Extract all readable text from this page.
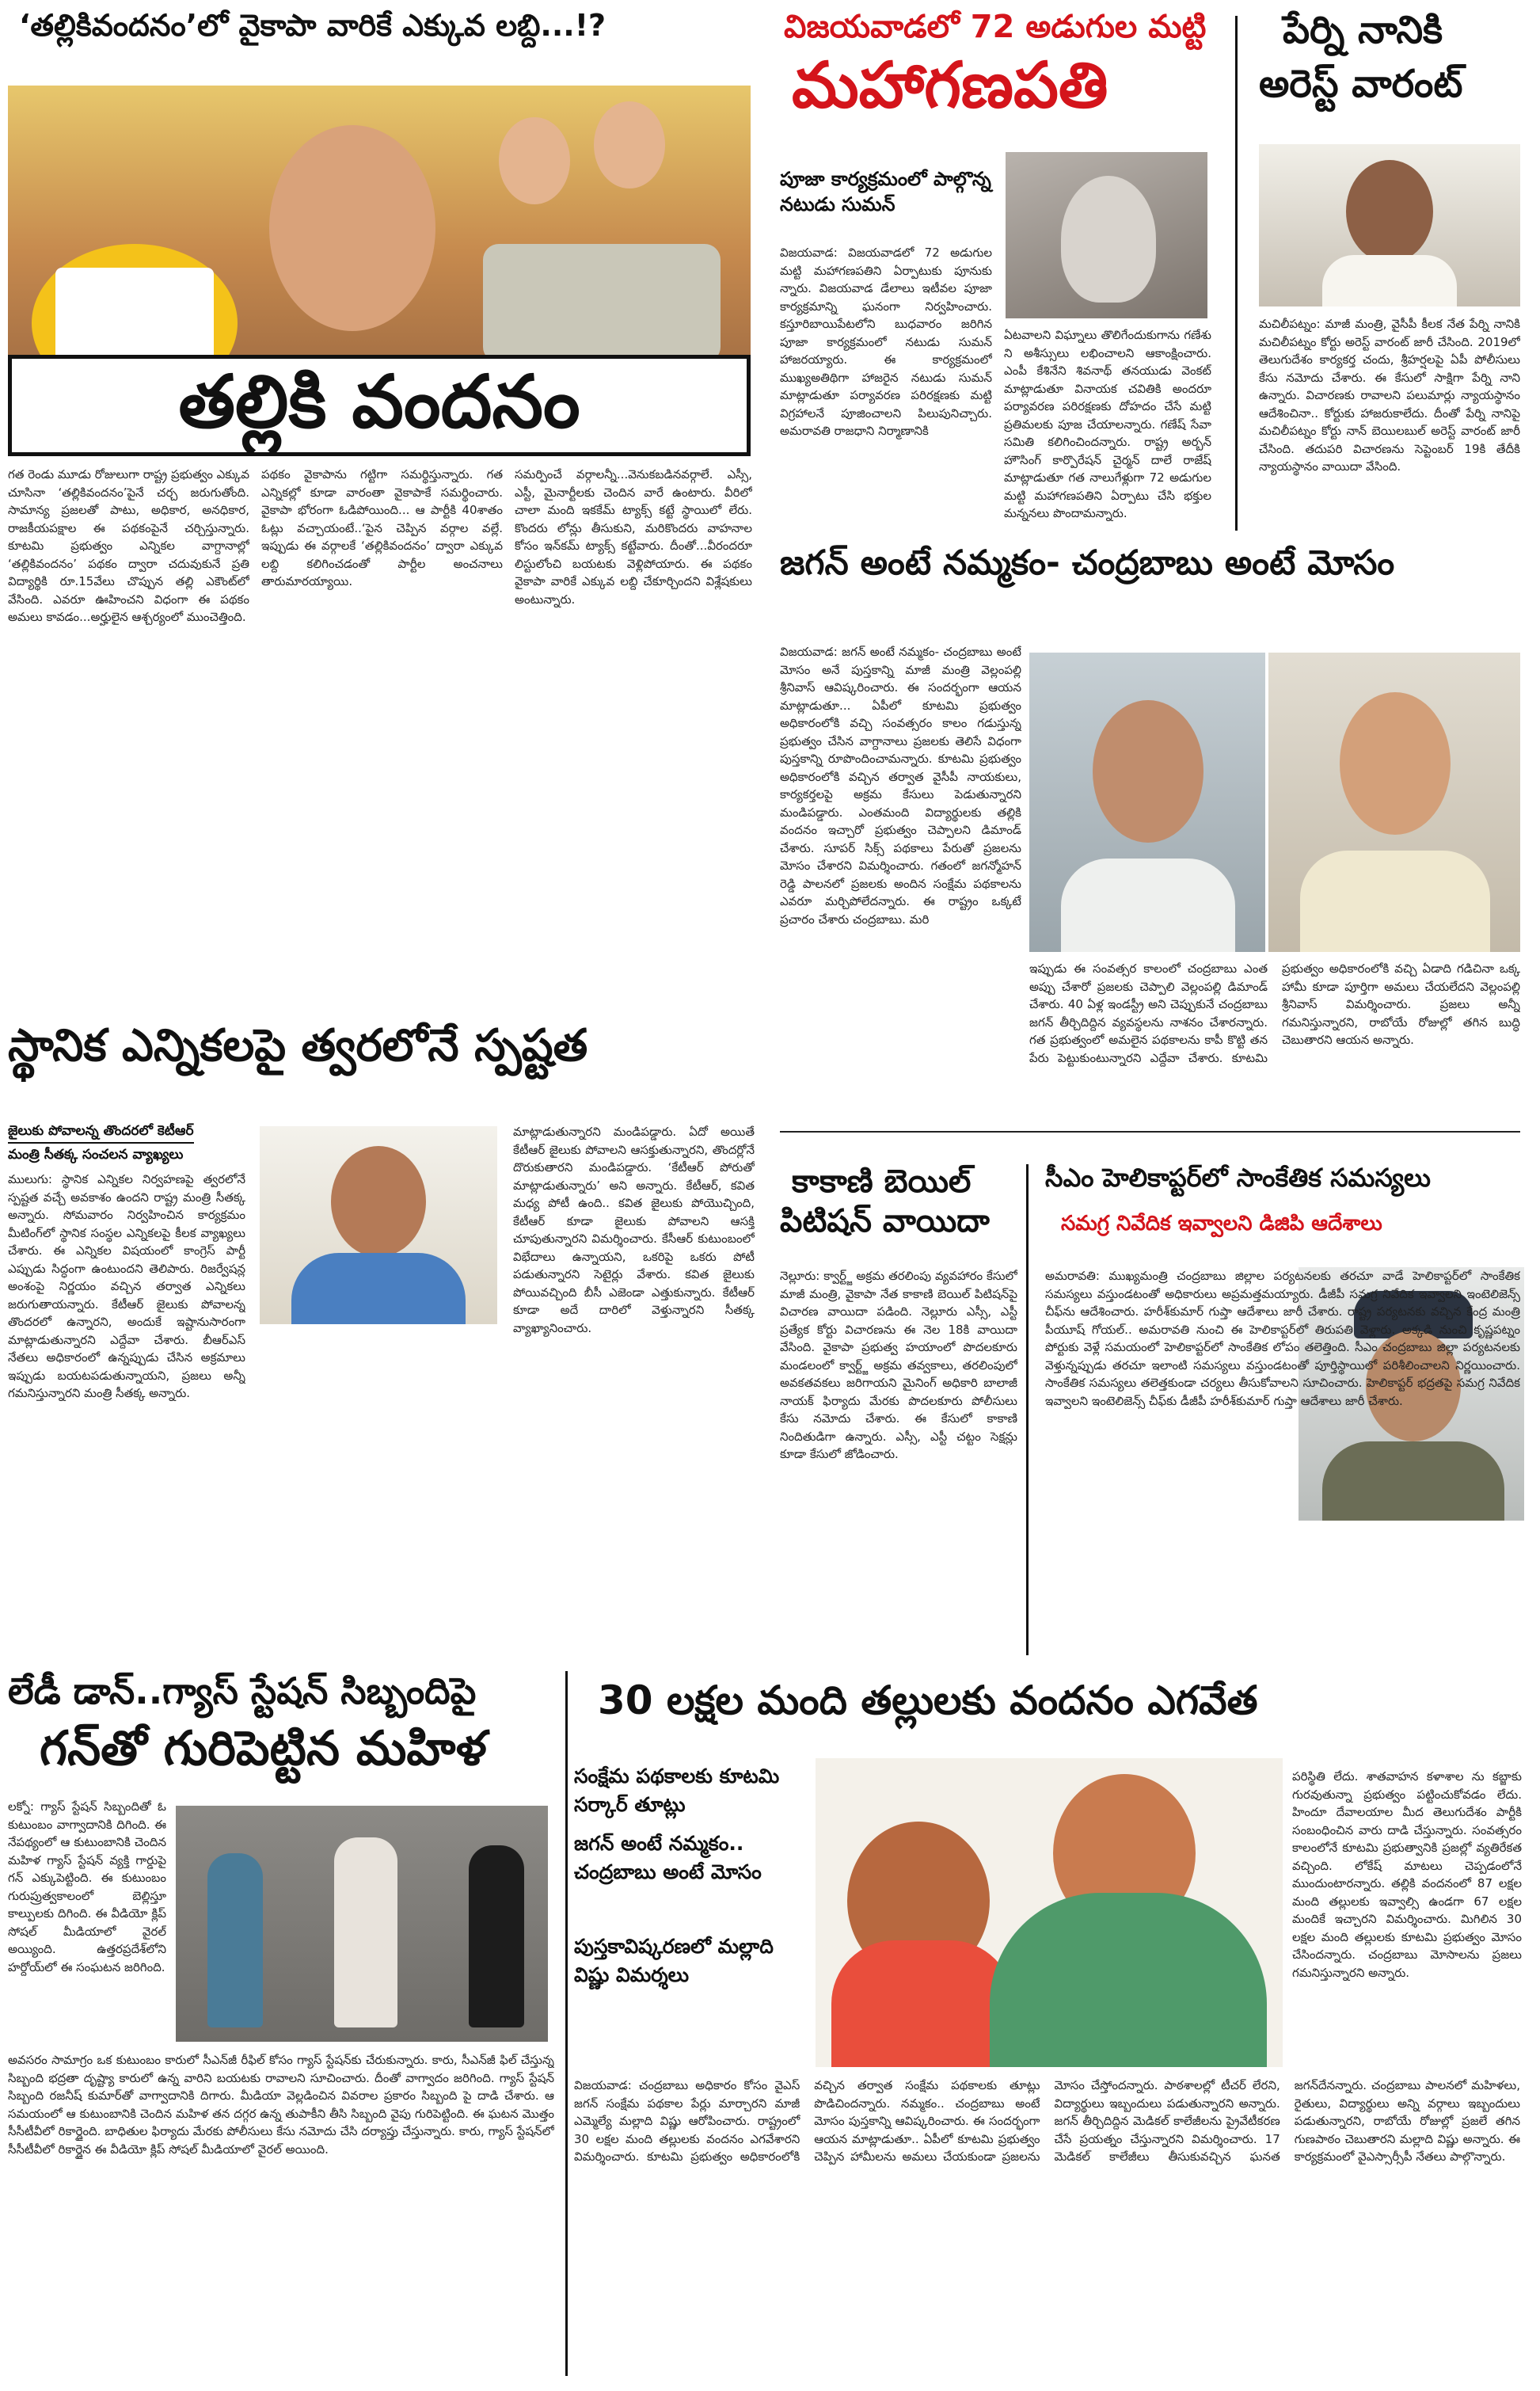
‘తల్లికివందనం’లో వైకాపా వారికే ఎక్కువ లబ్ది...!?
తల్లికి వందనం
గత రెండు మూడు రోజులుగా రాష్ట్ర ప్రభుత్వం ఎక్కువ చూసినా ‘తల్లికివందనం’పైనే చర్చ జరుగుతోంది. సామాన్య ప్రజలతో పాటు, అధికార, అనధికార, రాజకీయపక్షాల ఈ పథకంపైనే చర్చిస్తున్నారు. కూటమి ప్రభుత్వం ఎన్నికల వాగ్దానాల్లో ‘తల్లికివందనం’ పథకం ద్వారా చదువుకునే ప్రతి విద్యార్థికి రూ.15వేలు చొప్పున తల్లి ఎకౌంట్‌లో వేసింది. ఎవరూ ఊహించని విధంగా ఈ పథకం అమలు కావడం...అర్హులైన ఆశ్చర్యంలో ముంచెత్తింది.
పథకం వైకాపాను గట్టిగా సమర్థిస్తున్నారు. గత ఎన్నికల్లో కూడా వారంతా వైకాపాకే సమర్థించారు. వైకాపా భోరంగా ఓడిపోయింది... ఆ పార్టీకి 40శాతం ఓట్లు వచ్చాయంటే..‘పైన చెప్పిన వర్గాల వల్లే. ఇప్పుడు ఈ వర్గాలకే ‘తల్లికివందనం’ ద్వారా ఎక్కువ లబ్ది కలిగించడంతో పార్టీల అంచనాలు తారుమారయ్యాయి.
సమర్పించే వర్గాలన్నీ...వెనుకబడినవర్గాలే. ఎస్సీ, ఎస్టీ, మైనార్టీలకు చెందిన వారే ఉంటారు. వీరిలో చాలా మంది ఇకకేమ్ ట్యాక్స్ కట్టే స్థాయిలో లేరు. కొందరు లోన్లు తీసుకుని, మరికొందరు వాహనాల కోసం ఇన్‌కమ్‌ ట్యాక్స్ కట్టేవారు. దీంతో...వీరందరూ లిస్టులోంచి బయటకు వెళ్లిపోయారు. ఈ పథకం వైకాపా వారికే ఎక్కువ లబ్ది చేకూర్చిందని విశ్లేషకులు అంటున్నారు.
విజయవాడలో 72 అడుగుల మట్టి
మహాగణపతి
పూజా కార్యక్రమంలో పాల్గొన్న నటుడు సుమన్
విజయవాడ: విజయవాడలో 72 అడుగుల మట్టి మహాగణపతిని ఏర్పాటుకు పూనుకు న్నారు. విజయవాడ డేలాలు ఇటీవల పూజా కార్యక్రమాన్ని ఘనంగా నిర్వహించారు. కస్తూరిబాయిపేటలోని బుధవారం జరిగిన పూజా కార్యక్రమంలో నటుడు సుమన్ హాజరయ్యారు. ఈ కార్యక్రమంలో ముఖ్యఅతిథిగా హాజరైన నటుడు సుమన్ మాట్లాడుతూ పర్యావరణ పరిరక్షణకు మట్టి విగ్రహాలనే పూజించాలని పిలుపునిచ్చారు. అమరావతి రాజధాని నిర్మాణానికి
ఏటవాలని విఘ్నాలు తొలిగేందుకుగాను గణేశు ని అశీస్సులు లభించాలని ఆకాంక్షించారు. ఎంపీ కేశినేని శివనాథ్ తనయుడు వెంకట్ మాట్లాడుతూ వినాయక చవితికి అందరూ పర్యావరణ పరిరక్షణకు దోహదం చేసే మట్టి ప్రతిమలకు పూజ చేయాలన్నారు. గణేష్ సేవా సమితి కలిగించిందన్నారు. రాష్ట్ర అర్బన్ హౌసింగ్ కార్పొరేషన్ చైర్మన్ దాలే రాజేష్ మాట్లాడుతూ గత నాలుగేళ్లుగా 72 అడుగుల మట్టి మహాగణపతిని ఏర్పాటు చేసి భక్తుల మన్ననలు పొందామన్నారు.
పేర్ని నానికి
అరెస్ట్ వారంట్
మచిలీపట్నం: మాజీ మంత్రి, వైసీపీ కీలక నేత పేర్ని నానికి మచిలీపట్నం కోర్టు అరెస్ట్ వారంట్ జారీ చేసింది. 2019లో తెలుగుదేశం కార్యకర్త చందు, శ్రీహర్షలపై ఏపీ పోలీసులు కేసు నమోదు చేశారు. ఈ కేసులో సాక్షిగా పేర్ని నాని ఉన్నారు. విచారణకు రావాలని పలుమార్లు న్యాయస్థానం ఆదేశించినా.. కోర్టుకు హాజరుకాలేదు. దీంతో పేర్ని నానిపై మచిలీపట్నం కోర్టు నాన్ బెయిలబుల్ అరెస్ట్ వారంట్ జారీ చేసింది. తదుపరి విచారణను సెప్టెంబర్ 19కి తేదీకి న్యాయస్థానం వాయిదా వేసింది.
జగన్ అంటే నమ్మకం- చంద్రబాబు అంటే మోసం
విజయవాడ: జగన్ అంటే నమ్మకం- చంద్రబాబు అంటే మోసం అనే పుస్తకాన్ని మాజీ మంత్రి వెల్లంపల్లి శ్రీనివాస్ ఆవిష్కరించారు. ఈ సందర్భంగా ఆయన మాట్లాడుతూ... ఏపీలో కూటమి ప్రభుత్వం అధికారంలోకి వచ్చి సంవత్సరం కాలం గడుస్తున్న ప్రభుత్వం చేసిన వాగ్దానాలు ప్రజలకు తెలిసే విధంగా పుస్తకాన్ని రూపొందించామన్నారు. కూటమి ప్రభుత్వం అధికారంలోకి వచ్చిన తర్వాత వైసీపీ నాయకులు, కార్యకర్తలపై అక్రమ కేసులు పెడుతున్నారని మండిపడ్డారు. ఎంతమంది విద్యార్థులకు తల్లికి వందనం ఇచ్చారో ప్రభుత్వం చెప్పాలని డిమాండ్ చేశారు. సూపర్ సిక్స్ పథకాలు పేరుతో ప్రజలను మోసం చేశారని విమర్శించారు. గతంలో జగన్మోహన్ రెడ్డి పాలనలో ప్రజలకు అందిన సంక్షేమ పథకాలను ఎవరూ మర్చిపోలేదన్నారు. ఈ రాష్ట్రం ఒక్కటే ప్రచారం చేశారు చంద్రబాబు. మరి
ఇప్పుడు ఈ సంవత్సర కాలంలో చంద్రబాబు ఎంత అప్పు చేశారో ప్రజలకు చెప్పాలి వెల్లంపల్లి డిమాండ్ చేశారు. 40 ఏళ్ల ఇండస్ట్రీ అని చెప్పుకునే చంద్రబాబు జగన్ తీర్చిదిద్దిన వ్యవస్థలను నాశనం చేశారన్నారు. గత ప్రభుత్వంలో అమలైన పథకాలను కాపీ కొట్టి తన పేరు పెట్టుకుంటున్నారని ఎద్దేవా చేశారు. కూటమి ప్రభుత్వం అధికారంలోకి వచ్చి ఏడాది గడిచినా ఒక్క హామీ కూడా పూర్తిగా అమలు చేయలేదని వెల్లంపల్లి శ్రీనివాస్ విమర్శించారు. ప్రజలు అన్నీ గమనిస్తున్నారని, రాబోయే రోజుల్లో తగిన బుద్ధి చెబుతారని ఆయన అన్నారు.
స్థానిక ఎన్నికలపై త్వరలోనే స్పష్టత
జైలుకు పోవాలన్న తొందరలో కెటీఆర్
మంత్రి సీతక్క సంచలన వ్యాఖ్యలు
ములుగు: స్థానిక ఎన్నికల నిర్వహణపై త్వరలోనే స్పష్టత వచ్చే అవకాశం ఉందని రాష్ట్ర మంత్రి సీతక్క అన్నారు. సోమవారం నిర్వహించిన కార్యక్రమం మీటింగ్‌లో స్థానిక సంస్థల ఎన్నికలపై కీలక వ్యాఖ్యలు చేశారు. ఈ ఎన్నికల విషయంలో కాంగ్రెస్ పార్టీ ఎప్పుడు సిద్ధంగా ఉంటుందని తెలిపారు. రిజర్వేషన్ల అంశంపై నిర్ణయం వచ్చిన తర్వాత ఎన్నికలు జరుగుతాయన్నారు. కేటీఆర్ జైలుకు పోవాలన్న తొందరలో ఉన్నారని, అందుకే ఇష్టానుసారంగా మాట్లాడుతున్నారని ఎద్దేవా చేశారు. బీఆర్ఎస్ నేతలు అధికారంలో ఉన్నప్పుడు చేసిన అక్రమాలు ఇప్పుడు బయటపడుతున్నాయని, ప్రజలు అన్నీ గమనిస్తున్నారని మంత్రి సీతక్క అన్నారు.
మాట్లాడుతున్నారని మండిపడ్డారు. ఏదో అయితే కేటీఆర్ జైలుకు పోవాలని ఆసక్తుతున్నారని, తొందర్లోనే దొరుకుతారని మండిపడ్డారు. ‘కేటీఆర్ పోరుతో మాట్లాడుతున్నారు’ అని అన్నారు. కేటీఆర్, కవిత మధ్య పోటీ ఉంది.. కవిత జైలుకు పోయొచ్చింది, కేటీఆర్ కూడా జైలుకు పోవాలని ఆసక్తి చూపుతున్నారని విమర్శించారు. కేసీఆర్ కుటుంబంలో విభేదాలు ఉన్నాయని, ఒకరిపై ఒకరు పోటీ పడుతున్నారని సెటైర్లు వేశారు. కవిత జైలుకు పోయివచ్చింది బీసీ ఎజెండా ఎత్తుకున్నారు. కేటీఆర్ కూడా అదే దారిలో వెళ్తున్నారని సీతక్క వ్యాఖ్యానించారు.
కాకాణి బెయిల్
పిటిషన్ వాయిదా
నెల్లూరు: క్వార్ట్జ్ అక్రమ తరలింపు వ్యవహారం కేసులో మాజీ మంత్రి, వైకాపా నేత కాకాణి బెయిల్ పిటిషన్‌పై విచారణ వాయిదా పడింది. నెల్లూరు ఎస్సీ, ఎస్టీ ప్రత్యేక కోర్టు విచారణను ఈ నెల 18కి వాయిదా వేసింది. వైకాపా ప్రభుత్వ హయాంలో పొదలకూరు మండలంలో క్వార్ట్జ్ అక్రమ తవ్వకాలు, తరలింపులో అవకతవకలు జరిగాయని మైనింగ్ అధికారి బాలాజీ నాయక్ ఫిర్యాదు మేరకు పొదలకూరు పోలీసులు కేసు నమోదు చేశారు. ఈ కేసులో కాకాణి నిందితుడిగా ఉన్నారు. ఎస్సీ, ఎస్టీ చట్టం సెక్షన్లు కూడా కేసులో జోడించారు.
సీఎం హెలికాప్టర్‌లో సాంకేతిక సమస్యలు
సమగ్ర నివేదిక ఇవ్వాలని డిజిపి ఆదేశాలు
అమరావతి: ముఖ్యమంత్రి చంద్రబాబు జిల్లాల పర్యటనలకు తరచూ వాడే హెలికాప్టర్‌లో సాంకేతిక సమస్యలు వస్తుండటంతో అధికారులు అప్రమత్తమయ్యారు. డీజీపీ సమగ్ర నివేదిక ఇవ్వాలని ఇంటెలిజెన్స్ చీఫ్‌ను ఆదేశించారు. హరీశ్‌కుమార్ గుప్తా ఆదేశాలు జారీ చేశారు. రాష్ట్ర పర్యటనకు వచ్చిన కేంద్ర మంత్రి పీయూష్ గోయల్.. అమరావతి నుంచి ఈ హెలికాప్టర్‌లో తిరుపతి వెళ్లారు. అక్కడి నుంచి కృష్ణపట్నం పోర్టుకు వెళ్లే సమయంలో హెలికాప్టర్‌లో సాంకేతిక లోపం తలెత్తింది. సీఎం చంద్రబాబు జిల్లా పర్యటనలకు వెళ్తున్నప్పుడు తరచూ ఇలాంటి సమస్యలు వస్తుండటంతో పూర్తిస్థాయిలో పరిశీలించాలని నిర్ణయించారు. సాంకేతిక సమస్యలు తలెత్తకుండా చర్యలు తీసుకోవాలని సూచించారు. హెలికాప్టర్ భద్రతపై సమగ్ర నివేదిక ఇవ్వాలని ఇంటెలిజెన్స్ చీఫ్‌కు డీజీపీ హరీశ్‌కుమార్ గుప్తా ఆదేశాలు జారీ చేశారు.
లేడీ డాన్..గ్యాస్ స్టేషన్ సిబ్బందిపై
గన్‌తో గురిపెట్టిన మహిళ
లక్నో: గ్యాస్ స్టేషన్ సిబ్బందితో ఓ కుటుంబం వాగ్వాదానికి దిగింది. ఈ నేపథ్యంలో ఆ కుటుంబానికి చెందిన మహిళ గ్యాస్ స్టేషన్ వ్యక్తి గార్డుపై గన్ ఎక్కుపెట్టింది. ఈ కుటుంబం గురుప్రుత్వకాలంలో బెల్లిస్తూ కాల్పులకు దిగింది. ఈ వీడియో క్లిప్ సోషల్ మీడియాలో వైరల్ అయ్యింది. ఉత్తరప్రదేశ్‌లోని హర్దోయ్‌లో ఈ సంఘటన జరిగింది.
అవసరం సామాగ్రం ఒక కుటుంబం కారులో సీఎన్‌జీ రీఫిల్ కోసం గ్యాస్ స్టేషన్‌కు చేరుకున్నారు. కారు, సీఎన్‌జీ ఫిల్ చేస్తున్న సిబ్బంది భద్రతా దృష్ట్యా కారులో ఉన్న వారిని బయటకు రావాలని సూచించారు. దీంతో వాగ్వాదం జరిగింది. గ్యాస్ స్టేషన్ సిబ్బంది రజనీష్ కుమార్‌తో వాగ్వాదానికి దిగారు. మీడియా వెల్లడించిన వివరాల ప్రకారం సిబ్బంది పై దాడి చేశారు. ఆ సమయంలో ఆ కుటుంబానికి చెందిన మహిళ తన దగ్గర ఉన్న తుపాకీని తీసి సిబ్బంది వైపు గురిపెట్టింది. ఈ ఘటన మొత్తం సీసీటీవీలో రికార్డైంది. బాధితుల ఫిర్యాదు మేరకు పోలీసులు కేసు నమోదు చేసి దర్యాప్తు చేస్తున్నారు. కారు, గ్యాస్ స్టేషన్‌లో సీసీటీవీలో రికార్డైన ఈ వీడియో క్లిప్ సోషల్ మీడియాలో వైరల్ అయింది.
30 లక్షల మంది తల్లులకు వందనం ఎగవేత
సంక్షేమ పథకాలకు కూటమి సర్కార్ తూట్లు
జగన్ అంటే నమ్మకం.. చంద్రబాబు అంటే మోసం
పుస్తకావిష్కరణలో మల్లాది విష్ణు విమర్శలు
పరిస్థితి లేదు. శాతవాహన కళాశాల ను కబ్జాకు గురవుతున్నా ప్రభుత్వం పట్టించుకోవడం లేదు. హిందూ దేవాలయాల మీద తెలుగుదేశం పార్టీకి సంబంధించిన వారు దాడి చేస్తున్నారు. సంవత్సరం కాలంలోనే కూటమి ప్రభుత్వానికి ప్రజల్లో వ్యతిరేకత వచ్చింది. లోకేష్ మాటలు చెప్పడంలోనే ముందుంటారన్నారు. తల్లికి వందనంలో 87 లక్షల మంది తల్లులకు ఇవ్వాల్సి ఉండగా 67 లక్షల మందికే ఇచ్చారని విమర్శించారు. మిగిలిన 30 లక్షల మంది తల్లులకు కూటమి ప్రభుత్వం మోసం చేసిందన్నారు. చంద్రబాబు మోసాలను ప్రజలు గమనిస్తున్నారని అన్నారు.
విజయవాడ: చంద్రబాబు అధికారం కోసం వైఎస్ జగన్ సంక్షేమ పథకాల పేర్లు మార్చారని మాజీ ఎమ్మెల్యే మల్లాది విష్ణు ఆరోపించారు. రాష్ట్రంలో 30 లక్షల మంది తల్లులకు వందనం ఎగవేశారని విమర్శించారు. కూటమి ప్రభుత్వం అధికారంలోకి వచ్చిన తర్వాత సంక్షేమ పథకాలకు తూట్లు పొడిచిందన్నారు. నమ్మకం.. చంద్రబాబు అంటే మోసం పుస్తకాన్ని ఆవిష్కరించారు. ఈ సందర్భంగా ఆయన మాట్లాడుతూ.. ఏపీలో కూటమి ప్రభుత్వం చెప్పిన హామీలను అమలు చేయకుండా ప్రజలను మోసం చేస్తోందన్నారు. పాఠశాలల్లో టీచర్ లేరని, విద్యార్థులు ఇబ్బందులు పడుతున్నారని అన్నారు. జగన్ తీర్చిదిద్దిన మెడికల్ కాలేజీలను ప్రైవేటీకరణ చేసే ప్రయత్నం చేస్తున్నారని విమర్శించారు. 17 మెడికల్ కాలేజీలు తీసుకువచ్చిన ఘనత జగన్‌దేనన్నారు. చంద్రబాబు పాలనలో మహిళలు, రైతులు, విద్యార్థులు అన్ని వర్గాలు ఇబ్బందులు పడుతున్నారని, రాబోయే రోజుల్లో ప్రజలే తగిన గుణపాఠం చెబుతారని మల్లాది విష్ణు అన్నారు. ఈ కార్యక్రమంలో వైఎస్సార్సీపీ నేతలు పాల్గొన్నారు.
